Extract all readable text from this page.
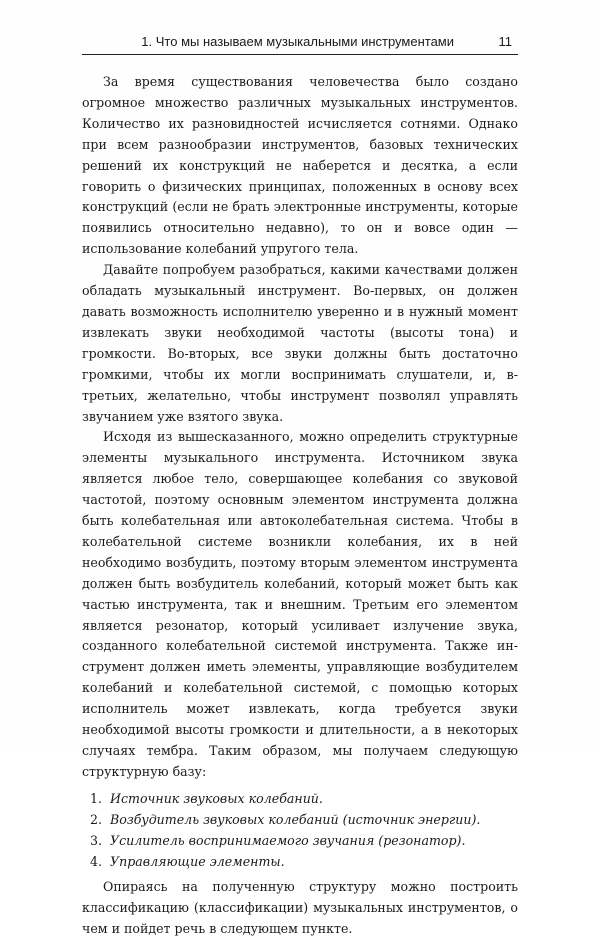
1. Что мы называем музыкальными инструментами	11

За время существования человечества было создано огромное множество различных музыкальных инструментов. Количество их разновидностей исчисляется сотнями. Однако при всем разнообразии инструментов, базовых технических решений их конструкций не наберется и десятка, а если говорить о физических принципах, положенных в основу всех конструкций (если не брать электронные инструменты, которые появились относительно недавно), то он и вовсе один — использование колебаний упругого тела.

Давайте попробуем разобраться, какими качествами должен обладать музыкальный инструмент. Во-первых, он должен давать возможность исполнителю уверенно и в нужный момент извлекать звуки необходимой частоты (высоты тона) и громкости. Во-вторых, все звуки должны быть достаточно громкими, чтобы их могли воспринимать слушатели, и, в-третьих, желательно, чтобы инструмент позволял управлять звучанием уже взятого звука.

Исходя из вышесказанного, можно определить структурные элементы музыкального инструмента. Источником звука является любое тело, совершающее колебания со звуковой частотой, поэтому основным элементом инструмента должна быть колебательная или автоколебательная система. Чтобы в колебательной системе возникли колебания, их в ней необходимо возбудить, поэтому вторым элементом инструмента должен быть возбудитель колебаний, который может быть как частью инструмента, так и внешним. Третьим его элементом является резонатор, который усиливает излучение звука, созданного колебательной системой инструмента. Также инструмент должен иметь элементы, управляющие возбудителем колебаний и колебательной системой, с помощью которых исполнитель может извлекать, когда требуется звуки необходимой высоты громкости и длительности, а в некоторых случаях тембра. Таким образом, мы получаем следующую структурную базу:

1. Источник звуковых колебаний.
2. Возбудитель звуковых колебаний (источник энергии).
3. Усилитель воспринимаемого звучания (резонатор).
4. Управляющие элементы.

Опираясь на полученную структуру можно построить классификацию (классификации) музыкальных инструментов, о чем и пойдет речь в следующем пункте.
